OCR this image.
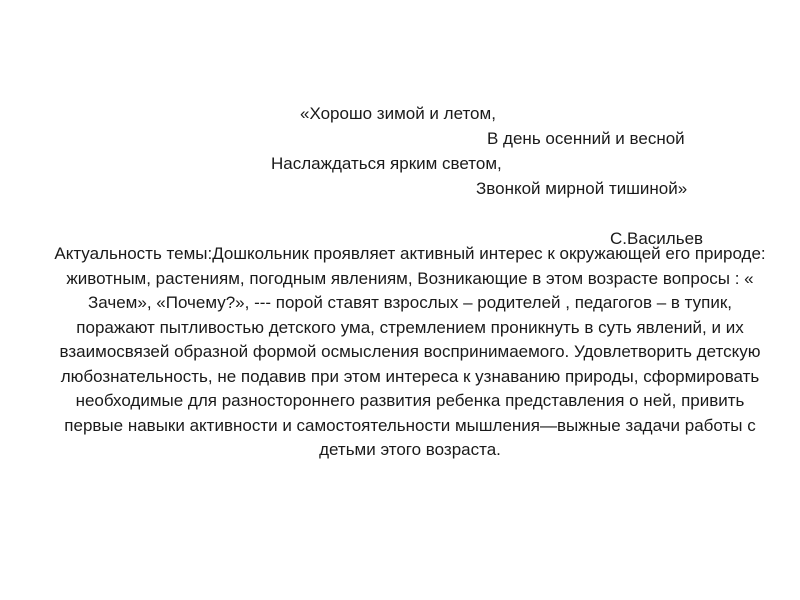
«Хорошо зимой и летом,

В день осенний и весной

Наслаждаться ярким светом,

Звонкой мирной тишиной»

С.Васильев

Актуальность темы:Дошкольник проявляет активный интерес к окружающей его природе: животным, растениям, погодным явлениям, Возникающие в этом возрасте вопросы : « Зачем», «Почему?», --- порой ставят взрослых – родителей , педагогов – в тупик, поражают пытливостью детского ума, стремлением проникнуть в суть явлений, и их взаимосвязей образной формой осмысления воспринимаемого. Удовлетворить детскую любознательность, не подавив при этом интереса к узнаванию природы, сформировать необходимые для разностороннего развития ребенка представления о ней, привить первые навыки активности и самостоятельности мышления—выжные задачи работы с детьми этого возраста.
